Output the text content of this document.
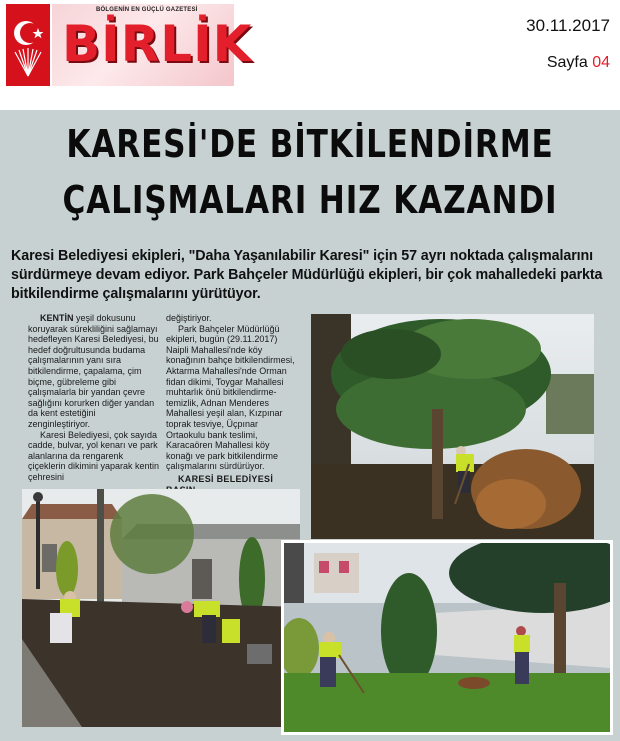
BÖLGENİN EN GÜÇLÜ GAZETESİ
BİRLİK	30.11.2017
Sayfa 04
KARESİ'DE BİTKİLENDİRME
ÇALIŞMALARI HIZ KAZANDI
Karesi Belediyesi ekipleri, "Daha Yaşanılabilir Karesi" için 57 ayrı noktada çalışmalarını sürdürmeye devam ediyor. Park Bahçeler Müdürlüğü ekipleri, bir çok mahalledeki parkta bitkilendirme çalışmalarını yürütüyor.

KENTİN yeşil dokusunu koruyarak sürekliliğini sağlamayı hedefleyen Karesi Belediyesi, bu hedef doğrultusunda budama çalışmalarının yanı sıra bitkilendirme, çapalama, çim biçme, gübreleme gibi çalışmalarla bir yandan çevre sağlığını korurken diğer yandan da kent estetiğini zenginleştiriyor.

Karesi Belediyesi, çok sayıda cadde, bulvar, yol kenarı ve park alanlarına da rengarenk çiçeklerin dikimini yaparak kentin çehresini

değiştiriyor.

Park Bahçeler Müdürlüğü ekipleri, bugün (29.11.2017) Naipli Mahallesi'nde köy konağının bahçe bitkilendirmesi, Aktarma Mahallesi'nde Orman fidan dikimi, Toygar Mahallesi muhtarlık önü bitkilendirme-temizlik, Adnan Menderes Mahallesi yeşil alan, Kızpınar toprak tesviye, Üçpınar Ortaokulu bank teslimi, Karacaören Mahallesi köy konağı ve park bitkilendirme çalışmalarını sürdürüyor.

KARESİ BELEDİYESİ
